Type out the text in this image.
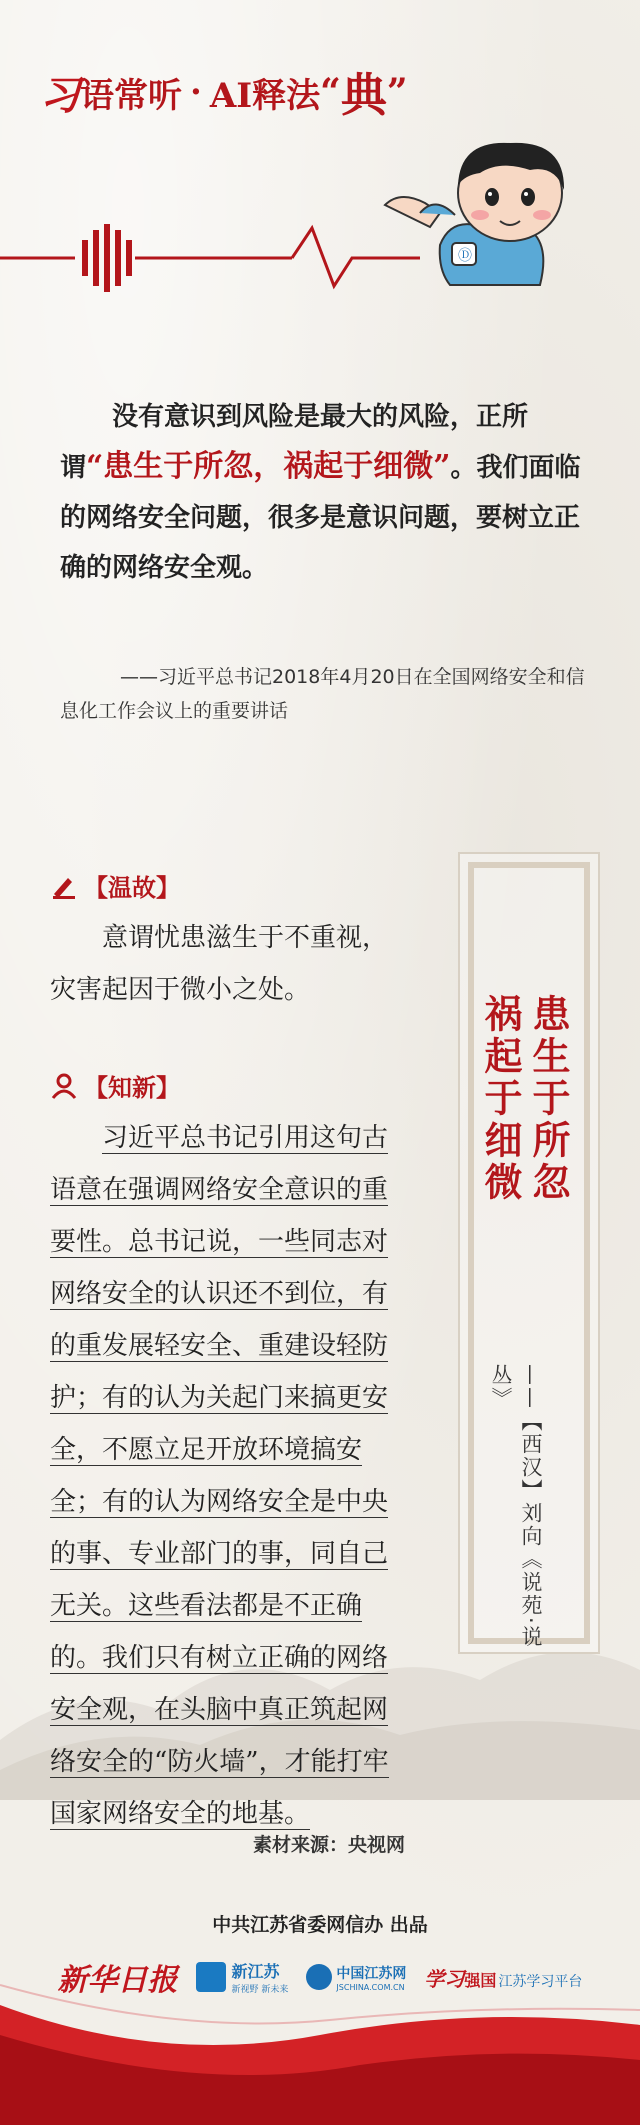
习 语常听 · AI释法 “ 典 ”
Ⓓ
没有意识到风险是最大的风险，正所谓“患生于所忽，祸起于细微”。我们面临的网络安全问题，很多是意识问题，要树立正确的网络安全观。
——习近平总书记2018年4月20日在全国网络安全和信息化工作会议上的重要讲话
患生于所忽
祸起于细微
——【西汉】刘向《说苑·说丛》
【温故】
意谓忧患滋生于不重视，灾害起因于微小之处。
【知新】
习近平总书记引用这句古语意在强调网络安全意识的重要性。总书记说，一些同志对网络安全的认识还不到位，有的重发展轻安全、重建设轻防护；有的认为关起门来搞更安全，不愿立足开放环境搞安全；有的认为网络安全是中央的事、专业部门的事，同自己无关。这些看法都是不正确的。我们只有树立正确的网络安全观，在头脑中真正筑起网络安全的“防火墙”，才能打牢国家网络安全的地基。
素材来源：央视网
中共江苏省委网信办 出品
新华日报	新江苏
新视野 新未来
中国江苏网
JSCHINA.COM.CN 学习 强国 江苏学习平台
